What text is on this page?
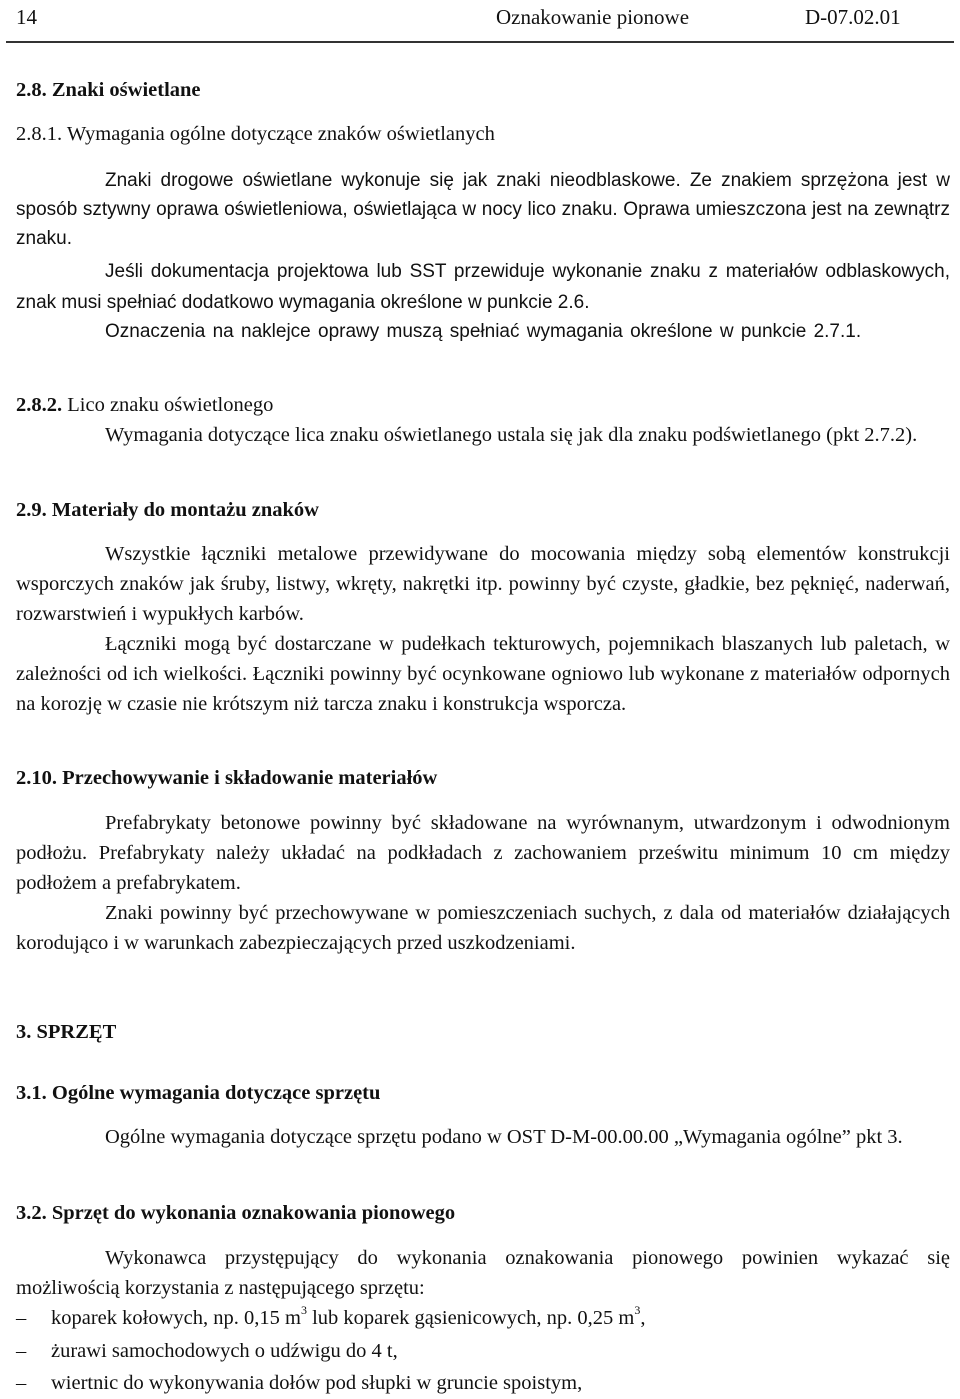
14	Oznakowanie pionowe	D-07.02.01
2.8. Znaki oświetlane
2.8.1. Wymagania ogólne dotyczące znaków oświetlanych
Znaki drogowe oświetlane wykonuje się jak znaki nieodblaskowe. Ze znakiem sprzężona jest w sposób sztywny oprawa oświetleniowa, oświetlająca w nocy lico znaku. Oprawa umieszczona jest na zewnątrz znaku.
Jeśli dokumentacja projektowa lub SST przewiduje wykonanie znaku z materiałów odblaskowych, znak musi spełniać dodatkowo wymagania określone w punkcie 2.6.
Oznaczenia na naklejce oprawy muszą spełniać wymagania określone w punkcie 2.7.1.
2.8.2. Lico znaku oświetlonego
Wymagania dotyczące lica znaku oświetlanego ustala się jak dla znaku podświetlanego (pkt 2.7.2).
2.9. Materiały do montażu znaków
Wszystkie łączniki metalowe przewidywane do mocowania między sobą elementów konstrukcji wsporczych znaków jak śruby, listwy, wkręty, nakrętki itp. powinny być czyste, gładkie, bez pęknięć, naderwań, rozwarstwień i wypukłych karbów.
Łączniki mogą być dostarczane w pudełkach tekturowych, pojemnikach blaszanych lub paletach, w zależności od ich wielkości. Łączniki powinny być ocynkowane ogniowo lub wykonane z materiałów odpornych na korozję w czasie nie krótszym niż tarcza znaku i konstrukcja wsporcza.
2.10. Przechowywanie i składowanie materiałów
Prefabrykaty betonowe powinny być składowane na wyrównanym, utwardzonym i odwodnionym podłożu. Prefabrykaty należy układać na podkładach z zachowaniem prześwitu minimum 10 cm między podłożem a prefabrykatem.
Znaki powinny być przechowywane w pomieszczeniach suchych, z dala od materiałów działających korodująco i w warunkach zabezpieczających przed uszkodzeniami.
3. SPRZĘT
3.1. Ogólne wymagania dotyczące sprzętu
Ogólne wymagania dotyczące sprzętu podano w OST D-M-00.00.00 „Wymagania ogólne” pkt 3.
3.2. Sprzęt do wykonania oznakowania pionowego
Wykonawca przystępujący do wykonania oznakowania pionowego powinien wykazać się możliwością korzystania z następującego sprzętu:
–	koparek kołowych, np. 0,15 $m^3$ lub koparek gąsienicowych, np. 0,25 $m^3$,
–	żurawi samochodowych o udźwigu do 4 t,
–	wiertnic do wykonywania dołów pod słupki w gruncie spoistym,
